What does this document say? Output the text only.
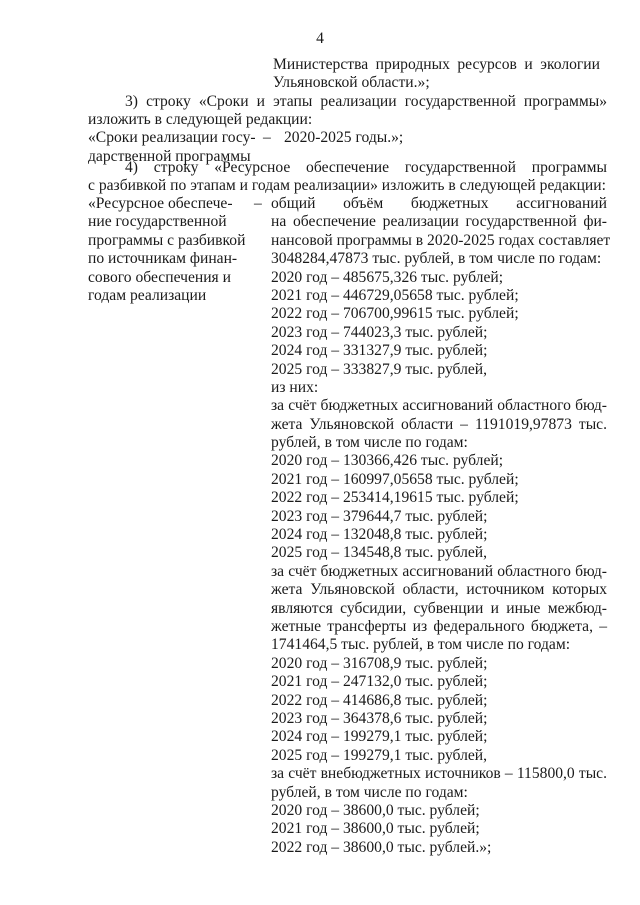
4
Министерства природных ресурсов и экологии
Ульяновской области.»;
3) строку «Сроки и этапы реализации государственной программы»
изложить в следующей редакции:
«Сроки реализации госу-
дарственной программы
– 2020-2025 годы.»;
4) строку «Ресурсное обеспечение государственной программы
с разбивкой по этапам и годам реализации» изложить в следующей редакции:
«Ресурсное обеспече-
ние государственной
программы с разбивкой
по источникам финан-
сового обеспечения и
годам реализации
– общий объём бюджетных ассигнований
на обеспечение реализации государственной фи-
нансовой программы в 2020-2025 годах составляет
3048284,47873 тыс. рублей, в том числе по годам:
2020 год – 485675,326 тыс. рублей;
2021 год – 446729,05658 тыс. рублей;
2022 год – 706700,99615 тыс. рублей;
2023 год – 744023,3 тыс. рублей;
2024 год – 331327,9 тыс. рублей;
2025 год – 333827,9 тыс. рублей,
из них:
за счёт бюджетных ассигнований областного бюд-
жета Ульяновской области – 1191019,97873 тыс.
рублей, в том числе по годам:
2020 год – 130366,426 тыс. рублей;
2021 год – 160997,05658 тыс. рублей;
2022 год – 253414,19615 тыс. рублей;
2023 год – 379644,7 тыс. рублей;
2024 год – 132048,8 тыс. рублей;
2025 год – 134548,8 тыс. рублей,
за счёт бюджетных ассигнований областного бюд-
жета Ульяновской области, источником которых
являются субсидии, субвенции и иные межбюд-
жетные трансферты из федерального бюджета, –
1741464,5 тыс. рублей, в том числе по годам:
2020 год – 316708,9 тыс. рублей;
2021 год – 247132,0 тыс. рублей;
2022 год – 414686,8 тыс. рублей;
2023 год – 364378,6 тыс. рублей;
2024 год – 199279,1 тыс. рублей;
2025 год – 199279,1 тыс. рублей,
за счёт внебюджетных источников – 115800,0 тыс.
рублей, в том числе по годам:
2020 год – 38600,0 тыс. рублей;
2021 год – 38600,0 тыс. рублей;
2022 год – 38600,0 тыс. рублей.»;
